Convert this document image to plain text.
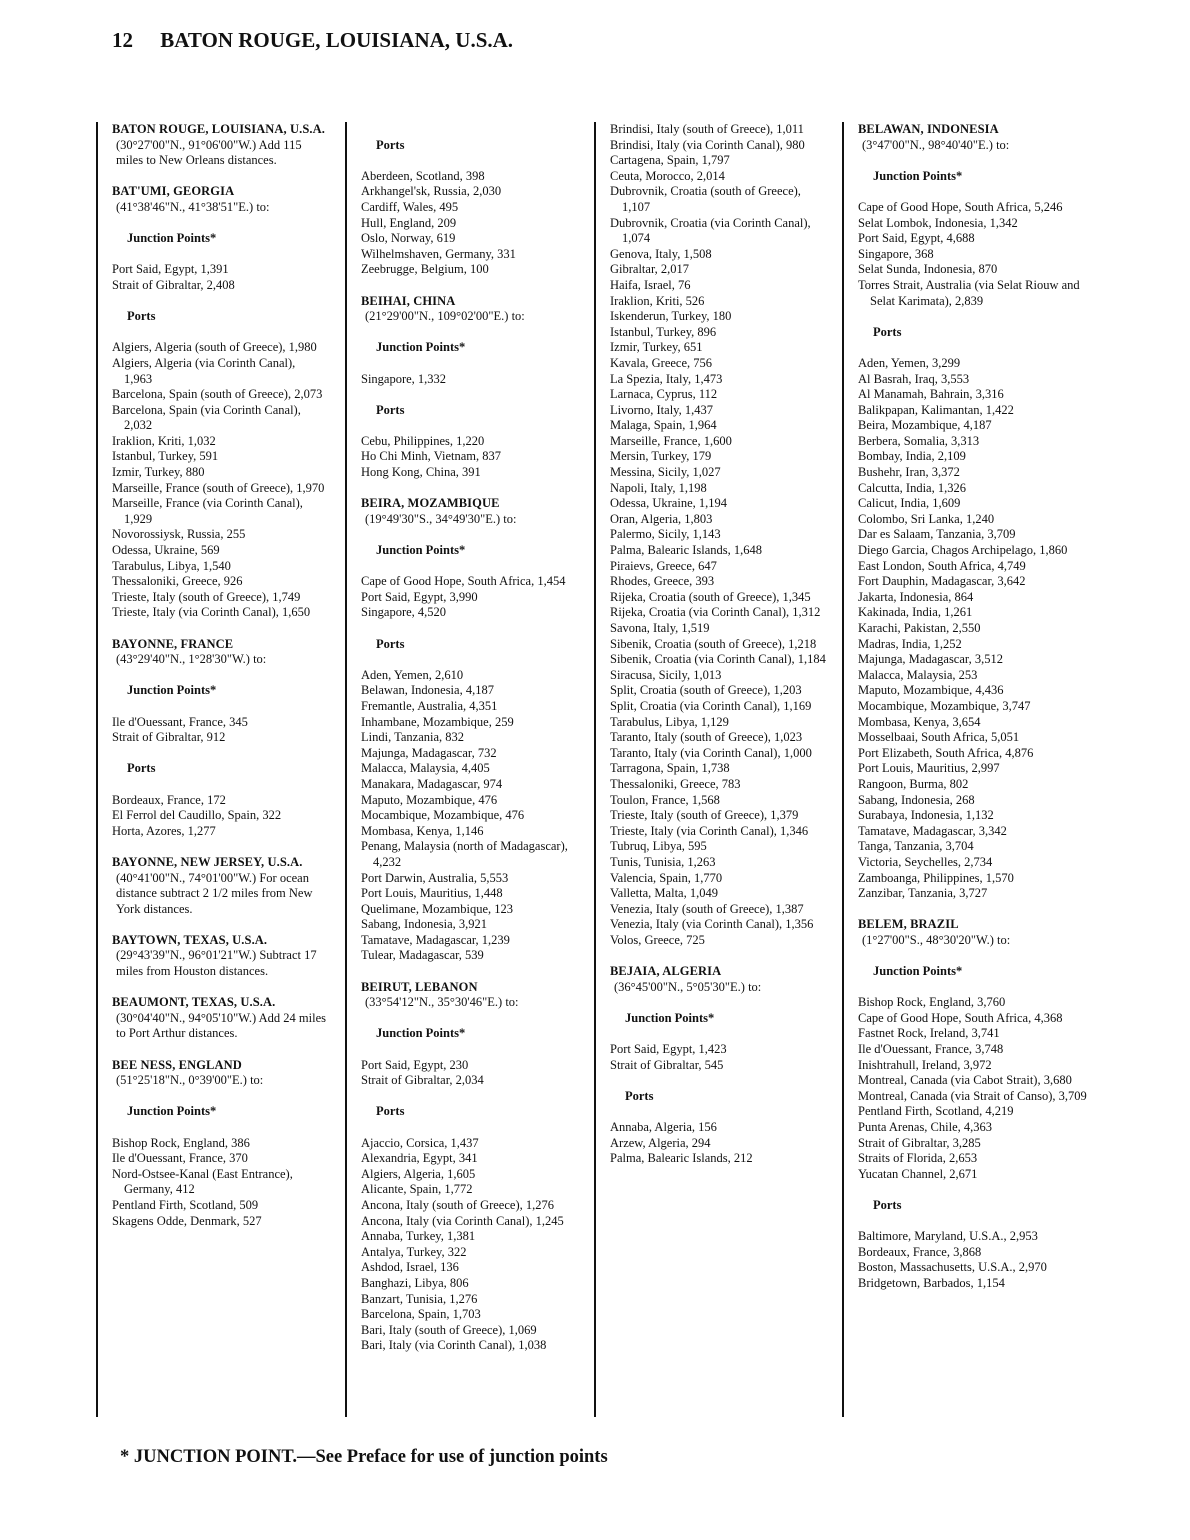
12 BATON ROUGE, LOUISIANA, U.S.A.
BATON ROUGE, LOUISIANA, U.S.A.
(30°27'00"N., 91°06'00"W.) Add 115 miles to New Orleans distances.
BAT'UMI, GEORGIA
(41°38'46"N., 41°38'51"E.) to:
Junction Points*
Port Said, Egypt, 1,391
Strait of Gibraltar, 2,408
Ports
Algiers, Algeria (south of Greece), 1,980
Algiers, Algeria (via Corinth Canal), 1,963
Barcelona, Spain (south of Greece), 2,073
Barcelona, Spain (via Corinth Canal), 2,032
Iraklion, Kriti, 1,032
Istanbul, Turkey, 591
Izmir, Turkey, 880
Marseille, France (south of Greece), 1,970
Marseille, France (via Corinth Canal), 1,929
Novorossiysk, Russia, 255
Odessa, Ukraine, 569
Tarabulus, Libya, 1,540
Thessaloniki, Greece, 926
Trieste, Italy (south of Greece), 1,749
Trieste, Italy (via Corinth Canal), 1,650
BAYONNE, FRANCE
(43°29'40"N., 1°28'30"W.) to:
Junction Points*
Ile d'Ouessant, France, 345
Strait of Gibraltar, 912
Ports
Bordeaux, France, 172
El Ferrol del Caudillo, Spain, 322
Horta, Azores, 1,277
BAYONNE, NEW JERSEY, U.S.A.
(40°41'00"N., 74°01'00"W.) For ocean distance subtract 2 1/2 miles from New York distances.
BAYTOWN, TEXAS, U.S.A.
(29°43'39"N., 96°01'21"W.) Subtract 17 miles from Houston distances.
BEAUMONT, TEXAS, U.S.A.
(30°04'40"N., 94°05'10"W.) Add 24 miles to Port Arthur distances.
BEE NESS, ENGLAND
(51°25'18"N., 0°39'00"E.) to:
Junction Points*
Bishop Rock, England, 386
Ile d'Ouessant, France, 370
Nord-Ostsee-Kanal (East Entrance), Germany, 412
Pentland Firth, Scotland, 509
Skagens Odde, Denmark, 527
Ports
Aberdeen, Scotland, 398
Arkhangel'sk, Russia, 2,030
Cardiff, Wales, 495
Hull, England, 209
Oslo, Norway, 619
Wilhelmshaven, Germany, 331
Zeebrugge, Belgium, 100
BEIHAI, CHINA
(21°29'00"N., 109°02'00"E.) to:
Junction Points*
Singapore, 1,332
Ports
Cebu, Philippines, 1,220
Ho Chi Minh, Vietnam, 837
Hong Kong, China, 391
BEIRA, MOZAMBIQUE
(19°49'30"S., 34°49'30"E.) to:
Junction Points*
Cape of Good Hope, South Africa, 1,454
Port Said, Egypt, 3,990
Singapore, 4,520
Ports
Aden, Yemen, 2,610
Belawan, Indonesia, 4,187
Fremantle, Australia, 4,351
Inhambane, Mozambique, 259
Lindi, Tanzania, 832
Majunga, Madagascar, 732
Malacca, Malaysia, 4,405
Manakara, Madagascar, 974
Maputo, Mozambique, 476
Mocambique, Mozambique, 476
Mombasa, Kenya, 1,146
Penang, Malaysia (north of Madagascar), 4,232
Port Darwin, Australia, 5,553
Port Louis, Mauritius, 1,448
Quelimane, Mozambique, 123
Sabang, Indonesia, 3,921
Tamatave, Madagascar, 1,239
Tulear, Madagascar, 539
BEIRUT, LEBANON
(33°54'12"N., 35°30'46"E.) to:
Junction Points*
Port Said, Egypt, 230
Strait of Gibraltar, 2,034
Ports
Ajaccio, Corsica, 1,437
Alexandria, Egypt, 341
Algiers, Algeria, 1,605
Alicante, Spain, 1,772
Ancona, Italy (south of Greece), 1,276
Ancona, Italy (via Corinth Canal), 1,245
Annaba, Turkey, 1,381
Antalya, Turkey, 322
Ashdod, Israel, 136
Banghazi, Libya, 806
Banzart, Tunisia, 1,276
Barcelona, Spain, 1,703
Bari, Italy (south of Greece), 1,069
Bari, Italy (via Corinth Canal), 1,038
Brindisi, Italy (south of Greece), 1,011
Brindisi, Italy (via Corinth Canal), 980
Cartagena, Spain, 1,797
Ceuta, Morocco, 2,014
Dubrovnik, Croatia (south of Greece), 1,107
Dubrovnik, Croatia (via Corinth Canal), 1,074
Genova, Italy, 1,508
Gibraltar, 2,017
Haifa, Israel, 76
Iraklion, Kriti, 526
Iskenderun, Turkey, 180
Istanbul, Turkey, 896
Izmir, Turkey, 651
Kavala, Greece, 756
La Spezia, Italy, 1,473
Larnaca, Cyprus, 112
Livorno, Italy, 1,437
Malaga, Spain, 1,964
Marseille, France, 1,600
Mersin, Turkey, 179
Messina, Sicily, 1,027
Napoli, Italy, 1,198
Odessa, Ukraine, 1,194
Oran, Algeria, 1,803
Palermo, Sicily, 1,143
Palma, Balearic Islands, 1,648
Piraievs, Greece, 647
Rhodes, Greece, 393
Rijeka, Croatia (south of Greece), 1,345
Rijeka, Croatia (via Corinth Canal), 1,312
Savona, Italy, 1,519
Sibenik, Croatia (south of Greece), 1,218
Sibenik, Croatia (via Corinth Canal), 1,184
Siracusa, Sicily, 1,013
Split, Croatia (south of Greece), 1,203
Split, Croatia (via Corinth Canal), 1,169
Tarabulus, Libya, 1,129
Taranto, Italy (south of Greece), 1,023
Taranto, Italy (via Corinth Canal), 1,000
Tarragona, Spain, 1,738
Thessaloniki, Greece, 783
Toulon, France, 1,568
Trieste, Italy (south of Greece), 1,379
Trieste, Italy (via Corinth Canal), 1,346
Tubruq, Libya, 595
Tunis, Tunisia, 1,263
Valencia, Spain, 1,770
Valletta, Malta, 1,049
Venezia, Italy (south of Greece), 1,387
Venezia, Italy (via Corinth Canal), 1,356
Volos, Greece, 725
BEJAIA, ALGERIA
(36°45'00"N., 5°05'30"E.) to:
Junction Points*
Port Said, Egypt, 1,423
Strait of Gibraltar, 545
Ports
Annaba, Algeria, 156
Arzew, Algeria, 294
Palma, Balearic Islands, 212
BELAWAN, INDONESIA
(3°47'00"N., 98°40'40"E.) to:
Junction Points*
Cape of Good Hope, South Africa, 5,246
Selat Lombok, Indonesia, 1,342
Port Said, Egypt, 4,688
Singapore, 368
Selat Sunda, Indonesia, 870
Torres Strait, Australia (via Selat Riouw and Selat Karimata), 2,839
Ports
Aden, Yemen, 3,299
Al Basrah, Iraq, 3,553
Al Manamah, Bahrain, 3,316
Balikpapan, Kalimantan, 1,422
Beira, Mozambique, 4,187
Berbera, Somalia, 3,313
Bombay, India, 2,109
Bushehr, Iran, 3,372
Calcutta, India, 1,326
Calicut, India, 1,609
Colombo, Sri Lanka, 1,240
Dar es Salaam, Tanzania, 3,709
Diego Garcia, Chagos Archipelago, 1,860
East London, South Africa, 4,749
Fort Dauphin, Madagascar, 3,642
Jakarta, Indonesia, 864
Kakinada, India, 1,261
Karachi, Pakistan, 2,550
Madras, India, 1,252
Majunga, Madagascar, 3,512
Malacca, Malaysia, 253
Maputo, Mozambique, 4,436
Mocambique, Mozambique, 3,747
Mombasa, Kenya, 3,654
Mosselbaai, South Africa, 5,051
Port Elizabeth, South Africa, 4,876
Port Louis, Mauritius, 2,997
Rangoon, Burma, 802
Sabang, Indonesia, 268
Surabaya, Indonesia, 1,132
Tamatave, Madagascar, 3,342
Tanga, Tanzania, 3,704
Victoria, Seychelles, 2,734
Zamboanga, Philippines, 1,570
Zanzibar, Tanzania, 3,727
BELEM, BRAZIL
(1°27'00"S., 48°30'20"W.) to:
Junction Points*
Bishop Rock, England, 3,760
Cape of Good Hope, South Africa, 4,368
Fastnet Rock, Ireland, 3,741
Ile d'Ouessant, France, 3,748
Inishtrahull, Ireland, 3,972
Montreal, Canada (via Cabot Strait), 3,680
Montreal, Canada (via Strait of Canso), 3,709
Pentland Firth, Scotland, 4,219
Punta Arenas, Chile, 4,363
Strait of Gibraltar, 3,285
Straits of Florida, 2,653
Yucatan Channel, 2,671
Ports
Baltimore, Maryland, U.S.A., 2,953
Bordeaux, France, 3,868
Boston, Massachusetts, U.S.A., 2,970
Bridgetown, Barbados, 1,154
* JUNCTION POINT.—See Preface for use of junction points
